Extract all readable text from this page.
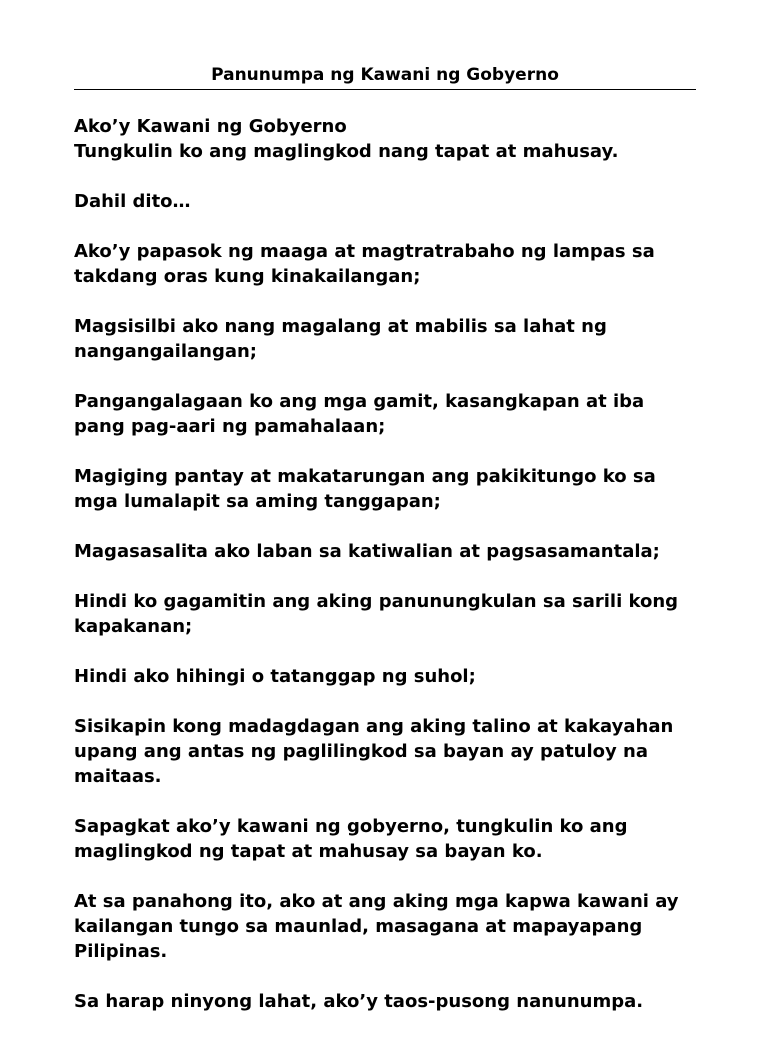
Panunumpa ng Kawani ng Gobyerno

Ako’y Kawani ng Gobyerno
Tungkulin ko ang maglingkod nang tapat at mahusay.

Dahil dito…

Ako’y papasok ng maaga at magtratrabaho ng lampas sa
takdang oras kung kinakailangan;

Magsisilbi ako nang magalang at mabilis sa lahat ng
nangangailangan;

Pangangalagaan ko ang mga gamit, kasangkapan at iba
pang pag-aari ng pamahalaan;

Magiging pantay at makatarungan ang pakikitungo ko sa
mga lumalapit sa aming tanggapan;

Magasasalita ako laban sa katiwalian at pagsasamantala;

Hindi ko gagamitin ang aking panunungkulan sa sarili kong
kapakanan;

Hindi ako hihingi o tatanggap ng suhol;

Sisikapin kong madagdagan ang aking talino at kakayahan
upang ang antas ng paglilingkod sa bayan ay patuloy na
maitaas.

Sapagkat ako’y kawani ng gobyerno, tungkulin ko ang
maglingkod ng tapat at mahusay sa bayan ko.

At sa panahong ito, ako at ang aking mga kapwa kawani ay
kailangan tungo sa maunlad, masagana at mapayapang
Pilipinas.

Sa harap ninyong lahat, ako’y taos-pusong nanunumpa.
